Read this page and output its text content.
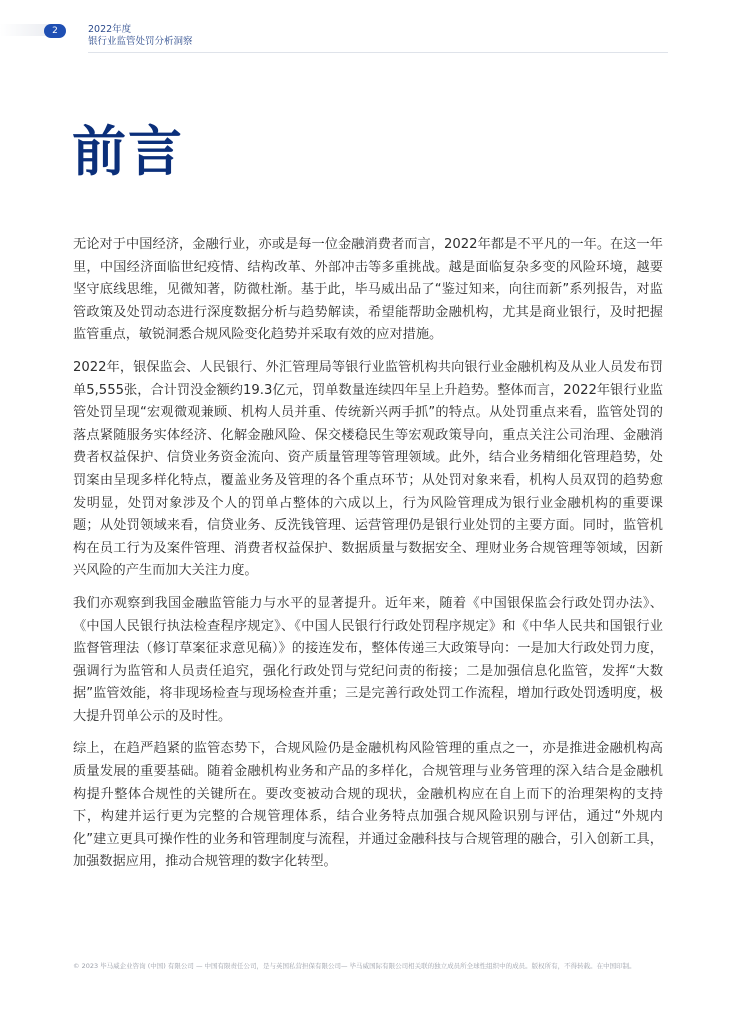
2	2022年度
银行业监管处罚分析洞察
前言

无论对于中国经济，金融行业，亦或是每一位金融消费者而言，2022年都是不平凡的一年。在这一年里，中国经济面临世纪疫情、结构改革、外部冲击等多重挑战。越是面临复杂多变的风险环境，越要坚守底线思维，见微知著，防微杜渐。基于此，毕马威出品了“鉴过知来，向往而新”系列报告，对监管政策及处罚动态进行深度数据分析与趋势解读，希望能帮助金融机构，尤其是商业银行，及时把握监管重点，敏锐洞悉合规风险变化趋势并采取有效的应对措施。

2022年，银保监会、人民银行、外汇管理局等银行业监管机构共向银行业金融机构及从业人员发布罚单5,555张，合计罚没金额约19.3亿元，罚单数量连续四年呈上升趋势。整体而言，2022年银行业监管处罚呈现“宏观微观兼顾、机构人员并重、传统新兴两手抓”的特点。从处罚重点来看，监管处罚的落点紧随服务实体经济、化解金融风险、保交楼稳民生等宏观政策导向，重点关注公司治理、金融消费者权益保护、信贷业务资金流向、资产质量管理等管理领域。此外，结合业务精细化管理趋势，处罚案由呈现多样化特点，覆盖业务及管理的各个重点环节；从处罚对象来看，机构人员双罚的趋势愈发明显，处罚对象涉及个人的罚单占整体的六成以上，行为风险管理成为银行业金融机构的重要课题；从处罚领域来看，信贷业务、反洗钱管理、运营管理仍是银行业处罚的主要方面。同时，监管机构在员工行为及案件管理、消费者权益保护、数据质量与数据安全、理财业务合规管理等领域，因新兴风险的产生而加大关注力度。

我们亦观察到我国金融监管能力与水平的显著提升。近年来，随着《中国银保监会行政处罚办法》、《中国人民银行执法检查程序规定》、《中国人民银行行政处罚程序规定》和《中华人民共和国银行业监督管理法（修订草案征求意见稿）》的接连发布，整体传递三大政策导向：一是加大行政处罚力度，强调行为监管和人员责任追究，强化行政处罚与党纪问责的衔接；二是加强信息化监管，发挥“大数据”监管效能，将非现场检查与现场检查并重；三是完善行政处罚工作流程，增加行政处罚透明度，极大提升罚单公示的及时性。

综上，在趋严趋紧的监管态势下，合规风险仍是金融机构风险管理的重点之一，亦是推进金融机构高质量发展的重要基础。随着金融机构业务和产品的多样化，合规管理与业务管理的深入结合是金融机构提升整体合规性的关键所在。要改变被动合规的现状，金融机构应在自上而下的治理架构的支持下，构建并运行更为完整的合规管理体系，结合业务特点加强合规风险识别与评估，通过“外规内化”建立更具可操作性的业务和管理制度与流程，并通过金融科技与合规管理的融合，引入创新工具，加强数据应用，推动合规管理的数字化转型。

© 2023 毕马威企业咨询 (中国) 有限公司 — 中国有限责任公司，是与英国私营担保有限公司— 毕马威国际有限公司相关联的独立成员所全球性组织中的成员。版权所有，不得转载。在中国印制。
